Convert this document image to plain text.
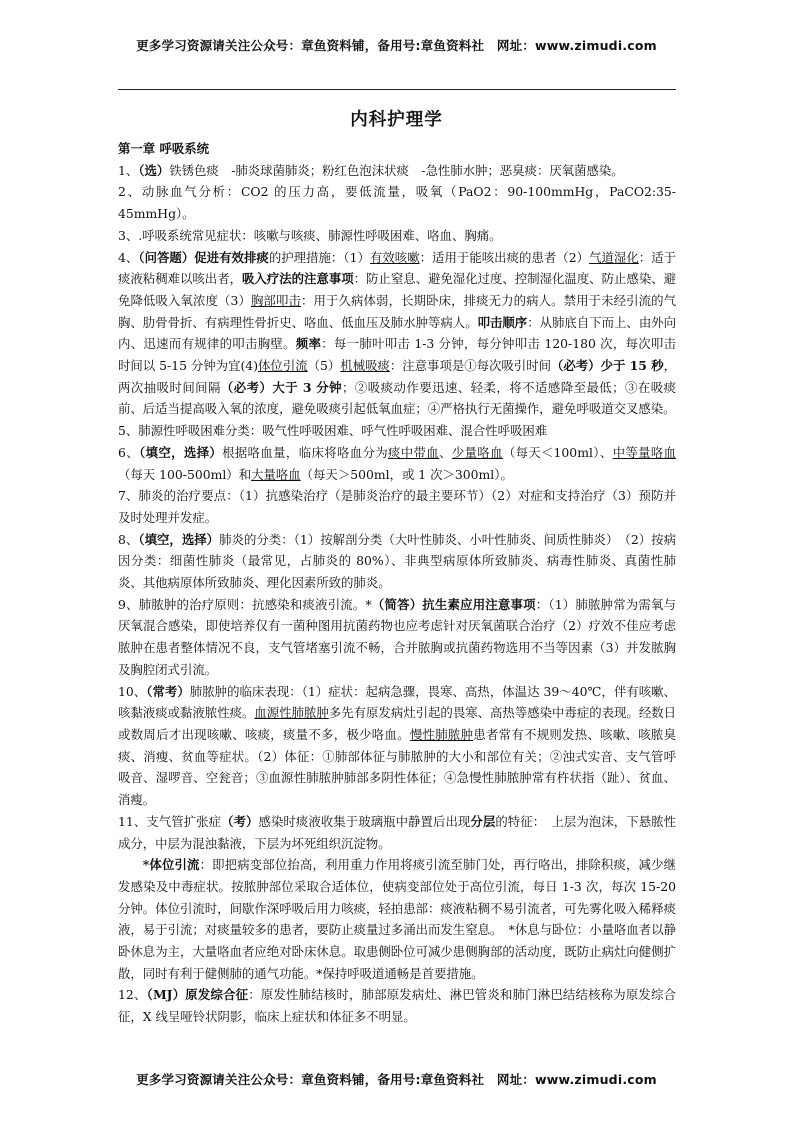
更多学习资源请关注公众号：章鱼资料铺，备用号:章鱼资料社　网址：www.zimudi.com
内科护理学

第一章 呼吸系统

1、（选）铁锈色痰　-肺炎球菌肺炎；粉红色泡沫状痰　-急性肺水肿；恶臭痰：厌氧菌感染。

2、动脉血气分析：CO2 的压力高，要低流量，吸氧（PaO2：90-100mmHg，PaCO2:35-45mmHg）。

3、.呼吸系统常见症状：咳嗽与咳痰、肺源性呼吸困难、咯血、胸痛。

4、（问答题）促进有效排痰的护理措施：（1）有效咳嗽：适用于能咳出痰的患者（2）气道湿化：适于痰液粘稠难以咳出者，吸入疗法的注意事项：防止窒息、避免湿化过度、控制湿化温度、防止感染、避免降低吸入氧浓度（3）胸部叩击：用于久病体弱，长期卧床，排痰无力的病人。禁用于未经引流的气胸、肋骨骨折、有病理性骨折史、咯血、低血压及肺水肿等病人。叩击顺序：从肺底自下而上、由外向内、迅速而有规律的叩击胸壁。频率：每一肺叶叩击 1-3 分钟，每分钟叩击 120-180 次，每次叩击时间以 5-15 分钟为宜(4)体位引流（5）机械吸痰：注意事项是①每次吸引时间（必考）少于 15 秒，两次抽吸时间间隔（必考）大于 3 分钟；②吸痰动作要迅速、轻柔，将不适感降至最低；③在吸痰前、后适当提高吸入氧的浓度，避免吸痰引起低氧血症；④严格执行无菌操作，避免呼吸道交叉感染。

5、肺源性呼吸困难分类：吸气性呼吸困难、呼气性呼吸困难、混合性呼吸困难

6、（填空，选择）根据咯血量，临床将咯血分为痰中带血、少量咯血（每天＜100ml）、中等量咯血（每天 100-500ml）和大量咯血（每天＞500ml，或 1 次＞300ml）。

7、肺炎的治疗要点：（1）抗感染治疗（是肺炎治疗的最主要环节）（2）对症和支持治疗（3）预防并及时处理并发症。

8、（填空，选择）肺炎的分类：（1）按解剖分类（大叶性肺炎、小叶性肺炎、间质性肺炎）　（2）按病因分类：细菌性肺炎（最常见，占肺炎的 80%）、非典型病原体所致肺炎、病毒性肺炎、真菌性肺炎、其他病原体所致肺炎、理化因素所致的肺炎。

9、肺脓肿的治疗原则：抗感染和痰液引流。*（简答）抗生素应用注意事项：（1）肺脓肿常为需氧与厌氧混合感染，即使培养仅有一菌种图用抗菌药物也应考虑针对厌氧菌联合治疗（2）疗效不佳应考虑脓肿在患者整体情况不良，支气管堵塞引流不畅，合并脓胸或抗菌药物选用不当等因素（3）并发脓胸及胸腔闭式引流。

10、（常考）肺脓肿的临床表现：（1）症状：起病急骤，畏寒、高热，体温达 39～40℃，伴有咳嗽、咳黏液痰或黏液脓性痰。血源性肺脓肿多先有原发病灶引起的畏寒、高热等感染中毒症的表现。经数日或数周后才出现咳嗽、咳痰，痰量不多，极少咯血。慢性肺脓肿患者常有不规则发热、咳嗽、咳脓臭痰、消瘦、贫血等症状。（2）体征：①肺部体征与肺脓肿的大小和部位有关；②浊式实音、支气管呼吸音、湿啰音、空瓮音；③血源性肺脓肿肺部多阴性体征；④急慢性肺脓肿常有杵状指（趾）、贫血、消瘦。

11、支气管扩张症（考）感染时痰液收集于玻璃瓶中静置后出现分层的特征：　上层为泡沫，下悬脓性成分，中层为混浊黏液，下层为坏死组织沉淀物。

*体位引流：即把病变部位抬高，利用重力作用将痰引流至肺门处，再行咯出，排除积痰，减少继发感染及中毒症状。按脓肿部位采取合适体位，使病变部位处于高位引流，每日 1-3 次，每次 15-20 分钟。体位引流时，间歇作深呼吸后用力咳痰，轻拍患部：痰液粘稠不易引流者，可先雾化吸入稀释痰液，易于引流；对痰量较多的患者，要防止痰量过多涌出而发生窒息。　*休息与卧位：小量咯血者以静卧休息为主，大量咯血者应绝对卧床休息。取患侧卧位可减少患侧胸部的活动度，既防止病灶向健侧扩散，同时有利于健侧肺的通气功能。*保持呼吸道通畅是首要措施。

12、（MJ）原发综合征：原发性肺结核时，肺部原发病灶、淋巴管炎和肺门淋巴结结核称为原发综合征，X 线呈哑铃状阴影，临床上症状和体征多不明显。

更多学习资源请关注公众号：章鱼资料铺，备用号:章鱼资料社　网址：www.zimudi.com
